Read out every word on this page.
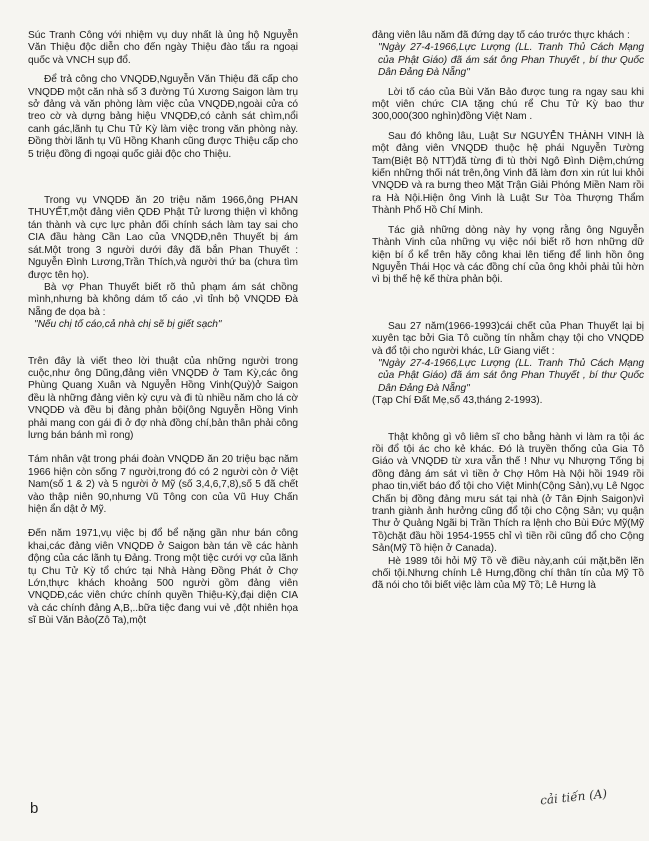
Súc Tranh Công với nhiệm vụ duy nhất là ủng hộ Nguyễn Văn Thiệu độc diễn cho đến ngày Thiệu đào tẩu ra ngoại quốc và VNCH sụp đổ.

Để trả công cho VNQDĐ,Nguyễn Văn Thiệu đã cấp cho VNQDĐ một căn nhà số 3 đường Tú Xương Saigon làm trụ sở đảng và văn phòng làm việc của VNQDĐ,ngoài cửa có treo cờ và dựng bảng hiệu VNQDĐ,có cảnh sát chìm,nổi canh gác,lãnh tụ Chu Tử Kỳ làm việc trong văn phòng này. Đồng thời lãnh tụ Vũ Hồng Khanh cũng được Thiệu cấp cho 5 triệu đồng đi ngoại quốc giải độc cho Thiệu.

Trong vụ VNQDĐ ăn 20 triệu năm 1966,ông PHAN THUYẾT,một đảng viên QDĐ Phật Tử lương thiện vì không tán thành và cực lực phản đối chính sách làm tay sai cho CIA đầu hàng Cần Lao của VNQDĐ,nên Thuyết bị ám sát.Một trong 3 người dưới đây đã bắn Phan Thuyết : Nguyễn Đình Lương,Trần Thích,và người thứ ba (chưa tìm được tên họ).

Bà vợ Phan Thuyết biết rõ thủ phạm ám sát chồng mình,nhưng bà không dám tố cáo ,vì tỉnh bộ VNQDĐ Đà Nẵng đe dọa bà :

"Nếu chị tố cáo,cả nhà chị sẽ bị giết sạch"

Trên đây là viết theo lời thuật của những người trong cuộc,như ông Dũng,đảng viên VNQDĐ ở Tam Kỳ,các ông Phùng Quang Xuân và Nguyễn Hồng Vinh(Quỳ)ở Saigon đều là những đảng viên kỳ cựu và đi tù nhiều năm cho lá cờ VNQDĐ và đều bị đảng phản bội(ông Nguyễn Hồng Vinh phải mang con gái đi ở đợ nhà đồng chí,bản thân phải công lưng bán bánh mì rong)

Tám nhân vật trong phái đoàn VNQDĐ ăn 20 triệu bạc năm 1966 hiện còn sống 7 người,trong đó có 2 người còn ở Việt Nam(số 1 & 2) và 5 người ở Mỹ (số 3,4,6,7,8),số 5 đã chết vào thập niên 90,nhưng Vũ Tông con của Vũ Huy Chấn hiện ẩn dật ở Mỹ.

Đến năm 1971,vụ việc bị đổ bể nặng gần như bán công khai,các đảng viên VNQDĐ ở Saigon bàn tán về các hành động của các lãnh tụ Đảng. Trong một tiệc cưới vợ của lãnh tụ Chu Tử Kỳ tổ chức tại Nhà Hàng Đồng Phát ở Chợ Lớn,thực khách khoảng 500 người gồm đảng viên VNQDĐ,các viên chức chính quyền Thiệu-Kỳ,đại diện CIA và các chính đảng A,B,..bữa tiệc đang vui vẻ ,đột nhiên họa sĩ Bùi Văn Bảo(Zô Ta),một

đảng viên lâu năm đã đứng dạy tố cáo trước thực khách :

"Ngày 27-4-1966,Lực Lượng (LL. Tranh Thủ Cách Mạng của Phật Giáo) đã ám sát ông Phan Thuyết , bí thư Quốc Dân Đảng Đà Nẵng"

Lời tố cáo của Bùi Văn Bảo được tung ra ngay sau khi một viên chức CIA tặng chú rể Chu Tử Kỳ bao thư 300,000(300 nghìn)đồng Việt Nam .

Sau đó không lâu, Luật Sư NGUYỄN THÀNH VINH là một đảng viên VNQDĐ thuộc hệ phái Nguyễn Tường Tam(Biệt Bộ NTT)đã từng đi tù thời Ngô Đình Diệm,chứng kiến những thối nát trên,ông Vinh đã làm đơn xin rút lui khỏi VNQDĐ và ra bưng theo Mặt Trận Giải Phóng Miền Nam rồi ra Hà Nội.Hiện ông Vinh là Luật Sư Tòa Thượng Thẩm Thành Phố Hồ Chí Minh.

Tác giả những dòng này hy vọng rằng ông Nguyễn Thành Vinh của những vụ việc nói biết rõ hơn những dữ kiện bí ổ kể trên hãy công khai lên tiếng để linh hồn ông Nguyễn Thái Học và các đồng chí của ông khỏi phải tủi hờn vì bị thế hệ kế thừa phản bội.

Sau 27 năm(1966-1993)cái chết của Phan Thuyết lại bị xuyên tạc bởi Gia Tô cuồng tín nhằm chạy tội cho VNQDĐ và đổ tội cho người khác, Lữ Giang viết :

"Ngày 27-4-1966,Lực Lượng (LL. Tranh Thủ Cách Mạng của Phật Giáo) đã ám sát ông Phan Thuyết , bí thư Quốc Dân Đảng Đà Nẵng"

(Tạp Chí Đất Mẹ,số 43,tháng 2-1993).

Thật không gì vô liêm sĩ cho bằng hành vi làm ra tội ác rồi đổ tội ác cho kẻ khác. Đó là truyền thống của Gia Tô Giáo và VNQDĐ từ xưa vẫn thế ! Như vụ Nhượng Tống bị đồng đảng ám sát vì tiền ở Chợ Hôm Hà Nội hồi 1949 rồi phao tin,viết báo đổ tội cho Việt Minh(Cộng Sản),vụ Lê Ngọc Chấn bị đồng đảng mưu sát tại nhà (ở Tân Định Saigon)vì tranh giành ảnh hưởng cũng đổ tội cho Cộng Sản; vụ quận Thư ở Quảng Ngãi bị Trần Thích ra lệnh cho Bùi Đức Mỹ(Mỹ Tồ)chặt đầu hồi 1954-1955 chỉ vì tiền rồi cũng đổ cho Cộng Sản(Mỹ Tồ hiện ở Canada).

Hè 1989 tôi hỏi Mỹ Tồ về điều này,anh cúi mặt,bẽn lẽn chối tội.Nhưng chính Lê Hưng,đồng chí thân tín của Mỹ Tồ đã nói cho tôi biết việc làm của Mỹ Tồ; Lê Hưng là

b
cải tiến (A)
